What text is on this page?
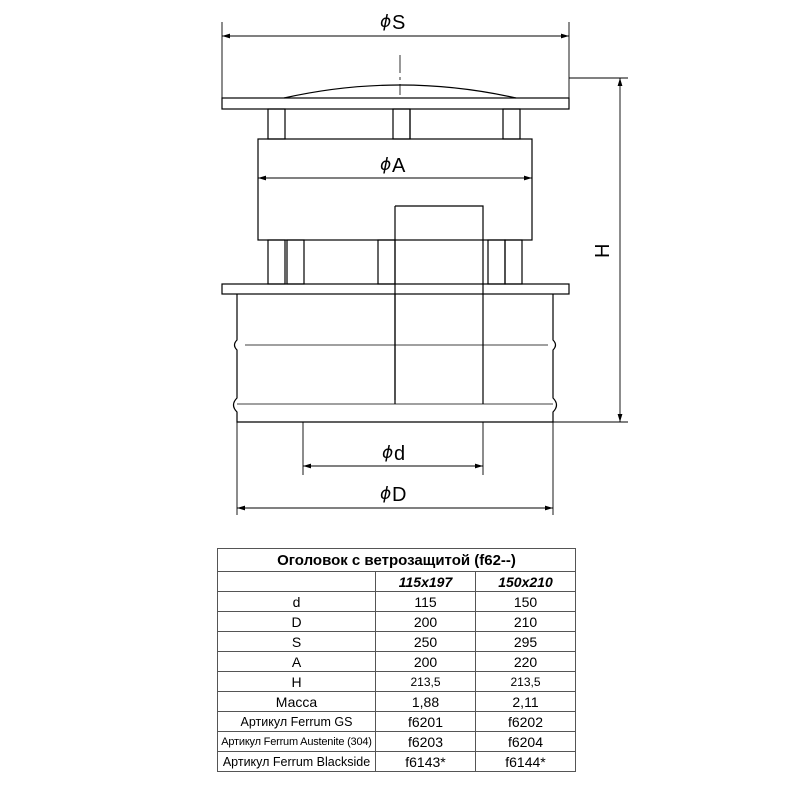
ϕ S
ϕ A
H
ϕ d
ϕ D
Оголовок с ветрозащитой (f62--)		
	115x197	150x210
d	115	150
D	200	210
S	250	295
A	200	220
H	213,5	213,5
Масса	1,88	2,11
Артикул Ferrum GS	f6201	f6202
Артикул Ferrum Austenite (304)	f6203	f6204
Артикул Ferrum Blackside	f6143*	f6144*
